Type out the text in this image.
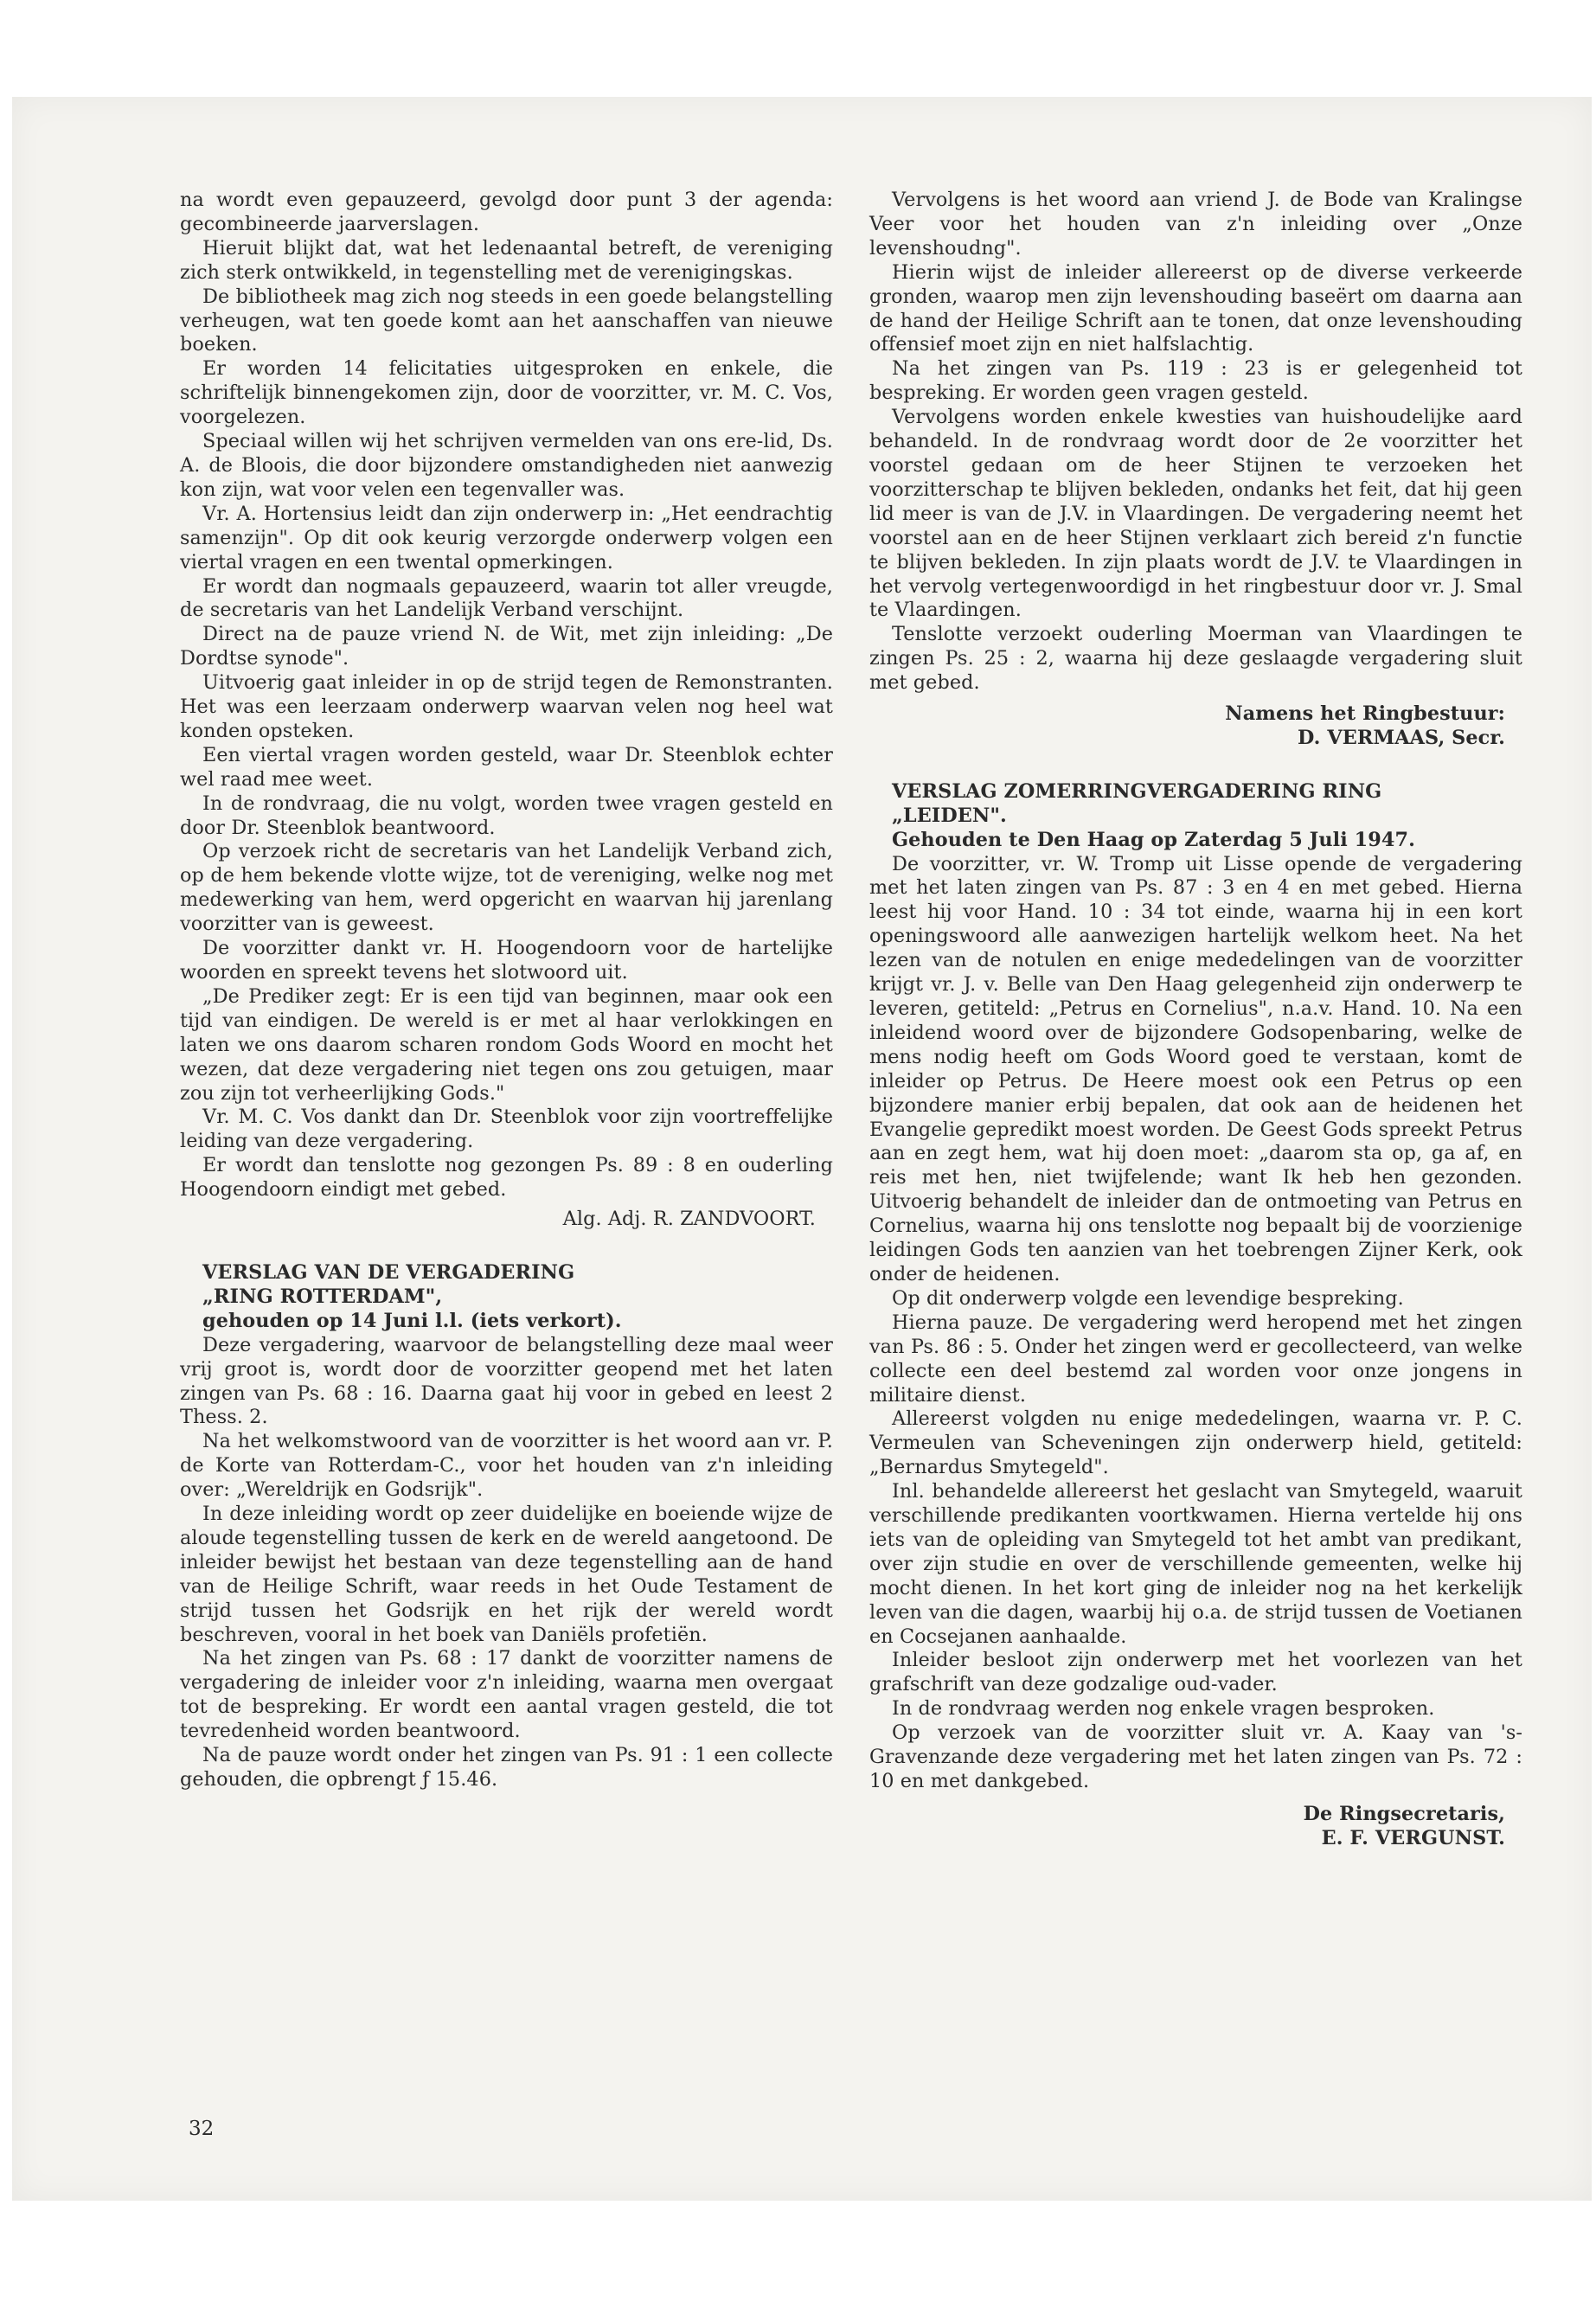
na wordt even gepauzeerd, gevolgd door punt 3 der agenda: gecombineerde jaarverslagen.

Hieruit blijkt dat, wat het ledenaantal betreft, de vereniging zich sterk ontwikkeld, in tegenstelling met de verenigingskas.

De bibliotheek mag zich nog steeds in een goede belangstelling verheugen, wat ten goede komt aan het aanschaffen van nieuwe boeken.

Er worden 14 felicitaties uitgesproken en enkele, die schriftelijk binnengekomen zijn, door de voorzitter, vr. M. C. Vos, voorgelezen.

Speciaal willen wij het schrijven vermelden van ons ere-lid, Ds. A. de Bloois, die door bijzondere omstandigheden niet aanwezig kon zijn, wat voor velen een tegenvaller was.

Vr. A. Hortensius leidt dan zijn onderwerp in: „Het eendrachtig samenzijn". Op dit ook keurig verzorgde onderwerp volgen een viertal vragen en een twental opmerkingen.

Er wordt dan nogmaals gepauzeerd, waarin tot aller vreugde, de secretaris van het Landelijk Verband verschijnt.

Direct na de pauze vriend N. de Wit, met zijn inleiding: „De Dordtse synode".

Uitvoerig gaat inleider in op de strijd tegen de Remonstranten. Het was een leerzaam onderwerp waarvan velen nog heel wat konden opsteken.

Een viertal vragen worden gesteld, waar Dr. Steenblok echter wel raad mee weet.

In de rondvraag, die nu volgt, worden twee vragen gesteld en door Dr. Steenblok beantwoord.

Op verzoek richt de secretaris van het Landelijk Verband zich, op de hem bekende vlotte wijze, tot de vereniging, welke nog met medewerking van hem, werd opgericht en waarvan hij jarenlang voorzitter van is geweest.

De voorzitter dankt vr. H. Hoogendoorn voor de hartelijke woorden en spreekt tevens het slotwoord uit.

„De Prediker zegt: Er is een tijd van beginnen, maar ook een tijd van eindigen. De wereld is er met al haar verlokkingen en laten we ons daarom scharen rondom Gods Woord en mocht het wezen, dat deze vergadering niet tegen ons zou getuigen, maar zou zijn tot verheerlijking Gods."

Vr. M. C. Vos dankt dan Dr. Steenblok voor zijn voortreffelijke leiding van deze vergadering.

Er wordt dan tenslotte nog gezongen Ps. 89 : 8 en ouderling Hoogendoorn eindigt met gebed.

Alg. Adj. R. ZANDVOORT.

VERSLAG VAN DE VERGADERING

„RING ROTTERDAM",

gehouden op 14 Juni l.l. (iets verkort).

Deze vergadering, waarvoor de belangstelling deze maal weer vrij groot is, wordt door de voorzitter geopend met het laten zingen van Ps. 68 : 16. Daarna gaat hij voor in gebed en leest 2 Thess. 2.

Na het welkomstwoord van de voorzitter is het woord aan vr. P. de Korte van Rotterdam-C., voor het houden van z'n inleiding over: „Wereldrijk en Godsrijk".

In deze inleiding wordt op zeer duidelijke en boeiende wijze de aloude tegenstelling tussen de kerk en de wereld aangetoond. De inleider bewijst het bestaan van deze tegenstelling aan de hand van de Heilige Schrift, waar reeds in het Oude Testament de strijd tussen het Godsrijk en het rijk der wereld wordt beschreven, vooral in het boek van Daniëls profetiën.

Na het zingen van Ps. 68 : 17 dankt de voorzitter namens de vergadering de inleider voor z'n inleiding, waarna men overgaat tot de bespreking. Er wordt een aantal vragen gesteld, die tot tevredenheid worden beantwoord.

Na de pauze wordt onder het zingen van Ps. 91 : 1 een collecte gehouden, die opbrengt ƒ 15.46.

Vervolgens is het woord aan vriend J. de Bode van Kralingse Veer voor het houden van z'n inleiding over „Onze levenshoudng".

Hierin wijst de inleider allereerst op de diverse verkeerde gronden, waarop men zijn levenshouding baseërt om daarna aan de hand der Heilige Schrift aan te tonen, dat onze levenshouding offensief moet zijn en niet halfslachtig.

Na het zingen van Ps. 119 : 23 is er gelegenheid tot bespreking. Er worden geen vragen gesteld.

Vervolgens worden enkele kwesties van huishoudelijke aard behandeld. In de rondvraag wordt door de 2e voorzitter het voorstel gedaan om de heer Stijnen te verzoeken het voorzitterschap te blijven bekleden, ondanks het feit, dat hij geen lid meer is van de J.V. in Vlaardingen. De vergadering neemt het voorstel aan en de heer Stijnen verklaart zich bereid z'n functie te blijven bekleden. In zijn plaats wordt de J.V. te Vlaardingen in het vervolg vertegenwoordigd in het ringbestuur door vr. J. Smal te Vlaardingen.

Tenslotte verzoekt ouderling Moerman van Vlaardingen te zingen Ps. 25 : 2, waarna hij deze geslaagde vergadering sluit met gebed.

Namens het Ringbestuur:

D. VERMAAS, Secr.

VERSLAG ZOMERRINGVERGADERING RING

„LEIDEN".

Gehouden te Den Haag op Zaterdag 5 Juli 1947.

De voorzitter, vr. W. Tromp uit Lisse opende de vergadering met het laten zingen van Ps. 87 : 3 en 4 en met gebed. Hierna leest hij voor Hand. 10 : 34 tot einde, waarna hij in een kort openingswoord alle aanwezigen hartelijk welkom heet. Na het lezen van de notulen en enige mededelingen van de voorzitter krijgt vr. J. v. Belle van Den Haag gelegenheid zijn onderwerp te leveren, getiteld: „Petrus en Cornelius", n.a.v. Hand. 10. Na een inleidend woord over de bijzondere Godsopenbaring, welke de mens nodig heeft om Gods Woord goed te verstaan, komt de inleider op Petrus. De Heere moest ook een Petrus op een bijzondere manier erbij bepalen, dat ook aan de heidenen het Evangelie gepredikt moest worden. De Geest Gods spreekt Petrus aan en zegt hem, wat hij doen moet: „daarom sta op, ga af, en reis met hen, niet twijfelende; want Ik heb hen gezonden. Uitvoerig behandelt de inleider dan de ontmoeting van Petrus en Cornelius, waarna hij ons tenslotte nog bepaalt bij de voorzienige leidingen Gods ten aanzien van het toebrengen Zijner Kerk, ook onder de heidenen.

Op dit onderwerp volgde een levendige bespreking.

Hierna pauze. De vergadering werd heropend met het zingen van Ps. 86 : 5. Onder het zingen werd er gecollecteerd, van welke collecte een deel bestemd zal worden voor onze jongens in militaire dienst.

Allereerst volgden nu enige mededelingen, waarna vr. P. C. Vermeulen van Scheveningen zijn onderwerp hield, getiteld: „Bernardus Smytegeld".

Inl. behandelde allereerst het geslacht van Smytegeld, waaruit verschillende predikanten voortkwamen. Hierna vertelde hij ons iets van de opleiding van Smytegeld tot het ambt van predikant, over zijn studie en over de verschillende gemeenten, welke hij mocht dienen. In het kort ging de inleider nog na het kerkelijk leven van die dagen, waarbij hij o.a. de strijd tussen de Voetianen en Cocsejanen aanhaalde.

Inleider besloot zijn onderwerp met het voorlezen van het grafschrift van deze godzalige oud-vader.

In de rondvraag werden nog enkele vragen besproken.

Op verzoek van de voorzitter sluit vr. A. Kaay van 's-Gravenzande deze vergadering met het laten zingen van Ps. 72 : 10 en met dankgebed.

De Ringsecretaris,

E. F. VERGUNST.

32
